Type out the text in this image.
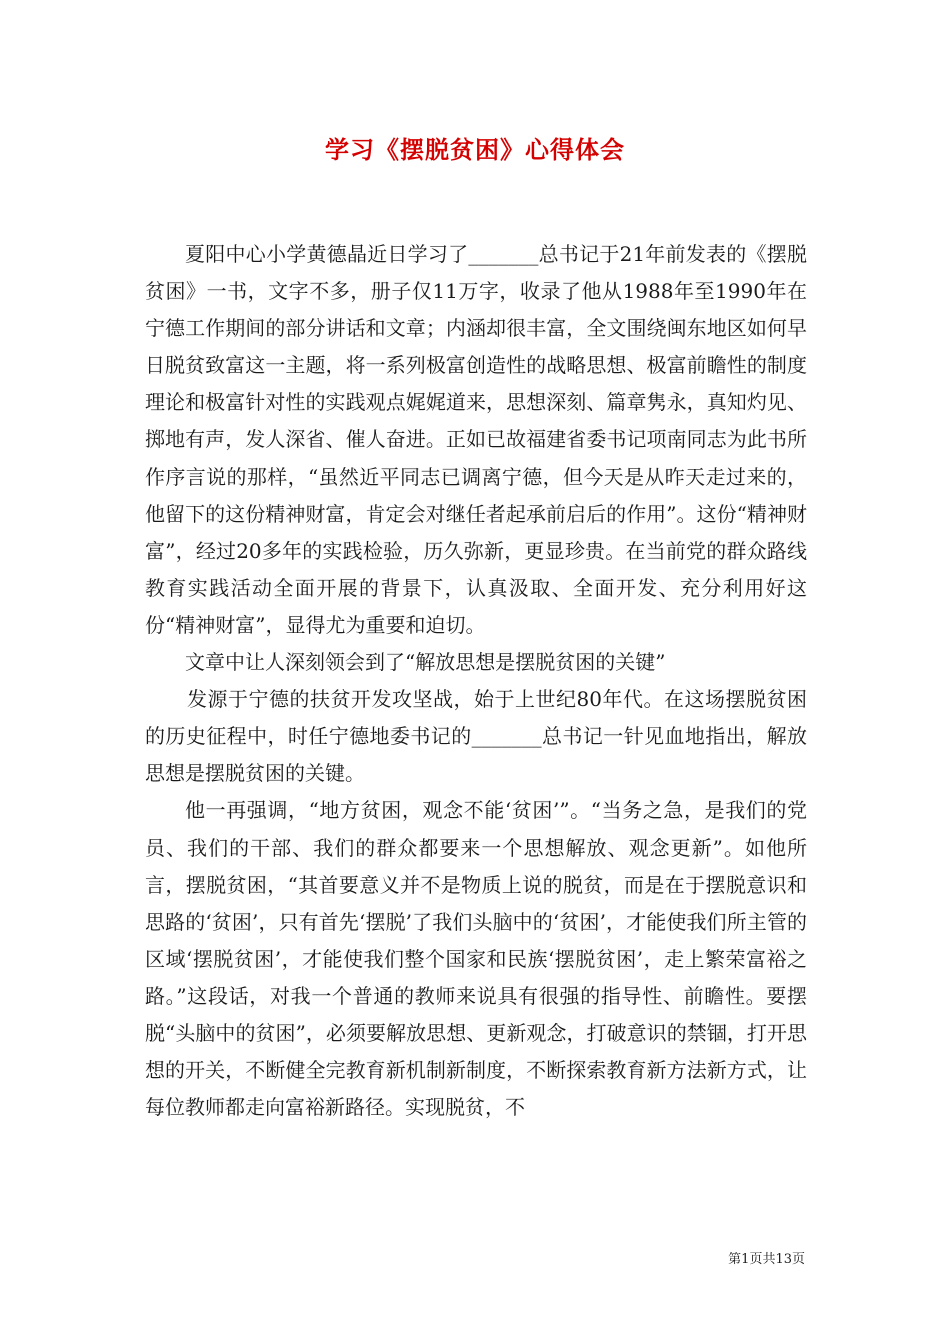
学习《摆脱贫困》心得体会

夏阳中心小学黄德晶近日学习了_______总书记于21年前发表的《摆脱贫困》一书，文字不多，册子仅11万字，收录了他从1988年至1990年在宁德工作期间的部分讲话和文章；内涵却很丰富，全文围绕闽东地区如何早日脱贫致富这一主题，将一系列极富创造性的战略思想、极富前瞻性的制度理论和极富针对性的实践观点娓娓道来，思想深刻、篇章隽永，真知灼见、掷地有声，发人深省、催人奋进。正如已故福建省委书记项南同志为此书所作序言说的那样，“虽然近平同志已调离宁德，但今天是从昨天走过来的，他留下的这份精神财富，肯定会对继任者起承前启后的作用”。这份“精神财富”，经过20多年的实践检验，历久弥新，更显珍贵。在当前党的群众路线教育实践活动全面开展的背景下，认真汲取、全面开发、充分利用好这份“精神财富”，显得尤为重要和迫切。

文章中让人深刻领会到了“解放思想是摆脱贫困的关键”

发源于宁德的扶贫开发攻坚战，始于上世纪80年代。在这场摆脱贫困的历史征程中，时任宁德地委书记的_______总书记一针见血地指出，解放思想是摆脱贫困的关键。

他一再强调，“地方贫困，观念不能‘贫困’”。“当务之急，是我们的党员、我们的干部、我们的群众都要来一个思想解放、观念更新”。如他所言，摆脱贫困，“其首要意义并不是物质上说的脱贫，而是在于摆脱意识和思路的‘贫困’，只有首先‘摆脱’了我们头脑中的‘贫困’，才能使我们所主管的区域‘摆脱贫困’，才能使我们整个国家和民族‘摆脱贫困’，走上繁荣富裕之路。”这段话，对我一个普通的教师来说具有很强的指导性、前瞻性。要摆脱“头脑中的贫困”，必须要解放思想、更新观念，打破意识的禁锢，打开思想的开关，不断健全完教育新机制新制度，不断探索教育新方法新方式，让每位教师都走向富裕新路径。实现脱贫，不

第1页共13页
